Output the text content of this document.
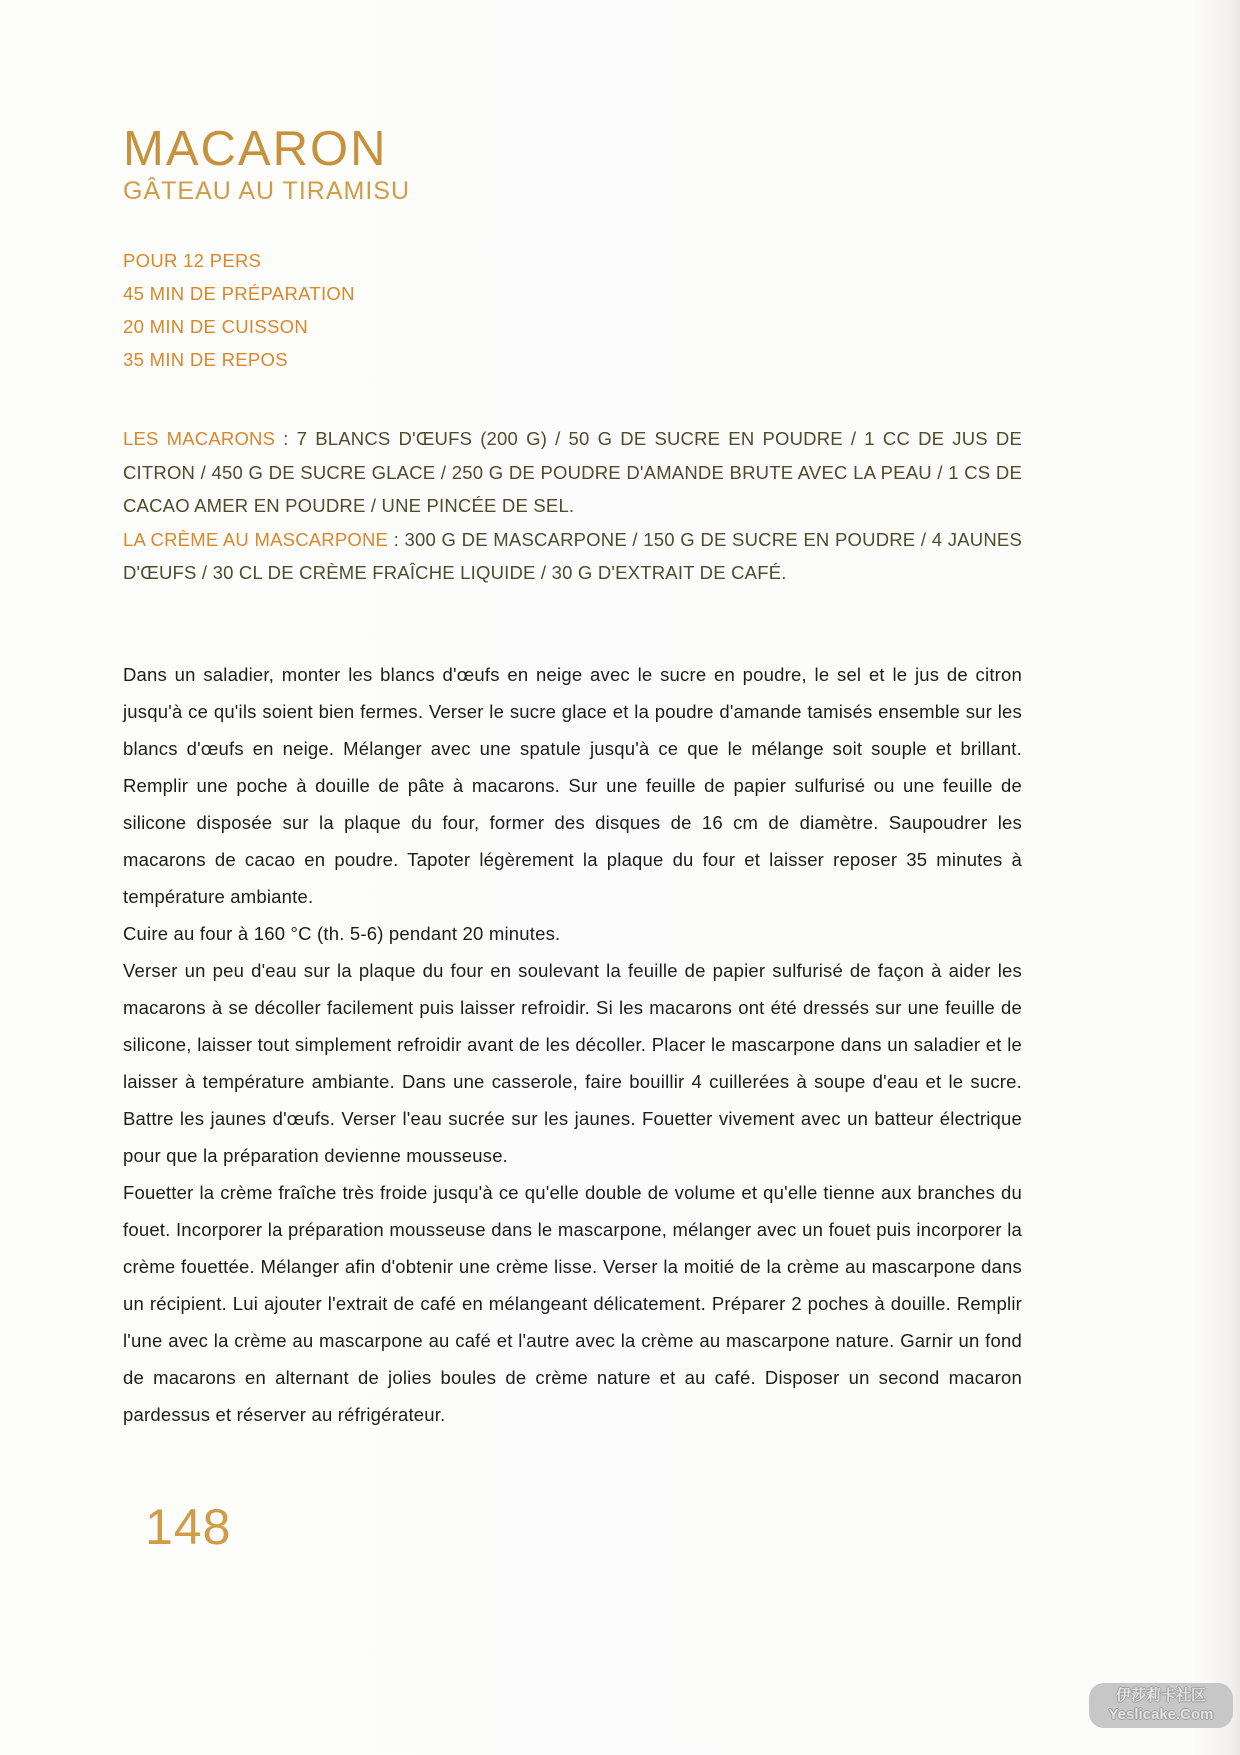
MACARON
GÂTEAU AU TIRAMISU
POUR 12 PERS
45 MIN DE PRÉPARATION
20 MIN DE CUISSON
35 MIN DE REPOS

LES MACARONS : 7 BLANCS D'ŒUFS (200 G) / 50 G DE SUCRE EN POUDRE / 1 CC DE JUS DE CITRON / 450 G DE SUCRE GLACE / 250 G DE POUDRE D'AMANDE BRUTE AVEC LA PEAU / 1 CS DE CACAO AMER EN POUDRE / UNE PINCÉE DE SEL.

LA CRÈME AU MASCARPONE : 300 G DE MASCARPONE / 150 G DE SUCRE EN POUDRE / 4 JAUNES D'ŒUFS / 30 CL DE CRÈME FRAÎCHE LIQUIDE / 30 G D'EXTRAIT DE CAFÉ.

Dans un saladier, monter les blancs d'œufs en neige avec le sucre en poudre, le sel et le jus de citron jusqu'à ce qu'ils soient bien fermes. Verser le sucre glace et la poudre d'amande tamisés ensemble sur les blancs d'œufs en neige. Mélanger avec une spatule jusqu'à ce que le mélange soit souple et brillant. Remplir une poche à douille de pâte à macarons. Sur une feuille de papier sulfurisé ou une feuille de silicone disposée sur la plaque du four, former des disques de 16 cm de diamètre. Saupoudrer les macarons de cacao en poudre. Tapoter légèrement la plaque du four et laisser reposer 35 minutes à température ambiante.

Cuire au four à 160 °C (th. 5-6) pendant 20 minutes.

Verser un peu d'eau sur la plaque du four en soulevant la feuille de papier sulfurisé de façon à aider les macarons à se décoller facilement puis laisser refroidir. Si les macarons ont été dressés sur une feuille de silicone, laisser tout simplement refroidir avant de les décoller. Placer le mascarpone dans un saladier et le laisser à température ambiante. Dans une casserole, faire bouillir 4 cuillerées à soupe d'eau et le sucre. Battre les jaunes d'œufs. Verser l'eau sucrée sur les jaunes. Fouetter vivement avec un batteur électrique pour que la préparation devienne mousseuse.

Fouetter la crème fraîche très froide jusqu'à ce qu'elle double de volume et qu'elle tienne aux branches du fouet. Incorporer la préparation mousseuse dans le mascarpone, mélanger avec un fouet puis incorporer la crème fouettée. Mélanger afin d'obtenir une crème lisse. Verser la moitié de la crème au mascarpone dans un récipient. Lui ajouter l'extrait de café en mélangeant délicatement. Préparer 2 poches à douille. Remplir l'une avec la crème au mascarpone au café et l'autre avec la crème au mascarpone nature. Garnir un fond de macarons en alternant de jolies boules de crème nature et au café. Disposer un second macaron pardessus et réserver au réfrigérateur.

148
伊莎莉卡社区
Yeslicake.Com
